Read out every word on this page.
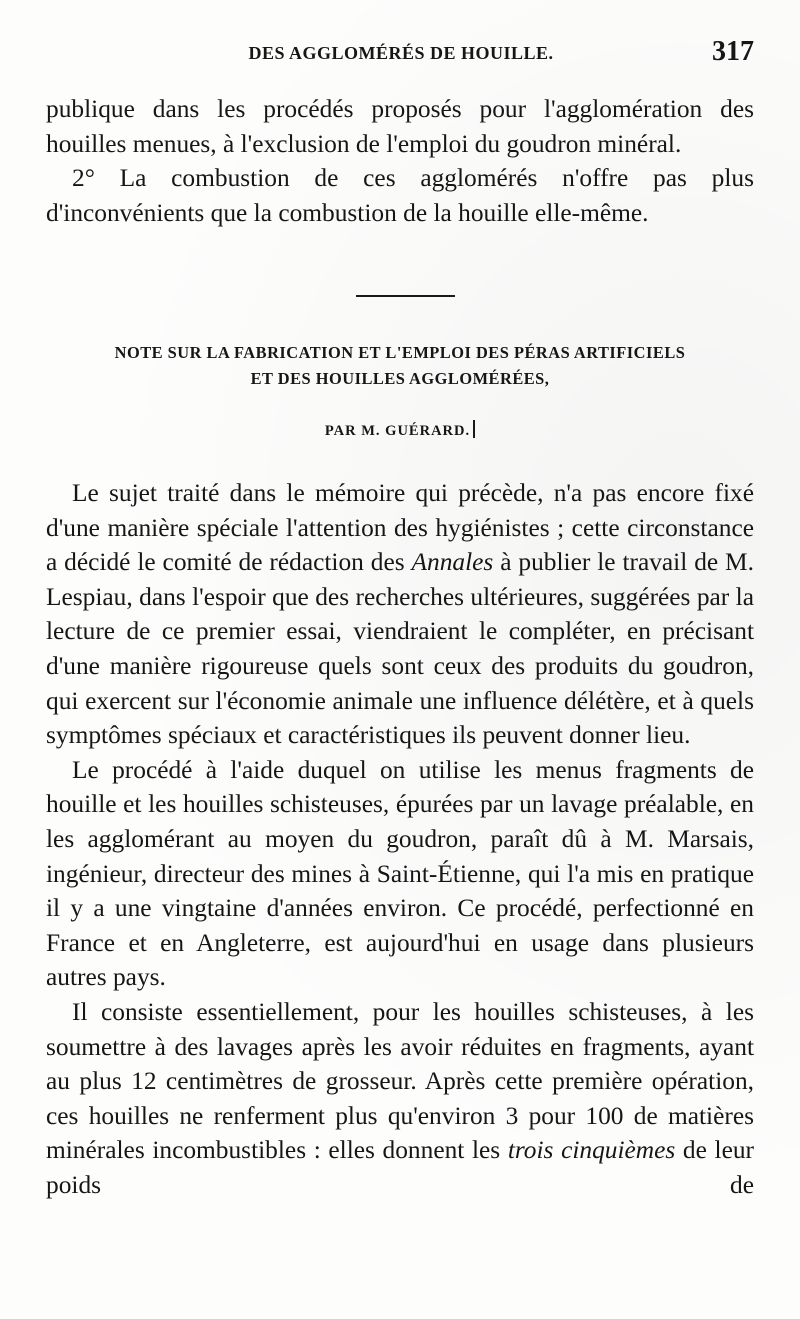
DES AGGLOMÉRÉS DE HOUILLE.	317

publique dans les procédés proposés pour l'agglomération des houilles menues, à l'exclusion de l'emploi du goudron minéral.

2° La combustion de ces agglomérés n'offre pas plus d'inconvénients que la combustion de la houille elle-même.

NOTE SUR LA FABRICATION ET L'EMPLOI DES PÉRAS ARTIFICIELS
ET DES HOUILLES AGGLOMÉRÉES,
PAR M. GUÉRARD.

Le sujet traité dans le mémoire qui précède, n'a pas encore fixé d'une manière spéciale l'attention des hygiénistes ; cette circonstance a décidé le comité de rédaction des Annales à publier le travail de M. Lespiau, dans l'espoir que des recherches ultérieures, suggérées par la lecture de ce premier essai, viendraient le compléter, en précisant d'une manière rigoureuse quels sont ceux des produits du goudron, qui exercent sur l'économie animale une influence délétère, et à quels symptômes spéciaux et caractéristiques ils peuvent donner lieu.

Le procédé à l'aide duquel on utilise les menus fragments de houille et les houilles schisteuses, épurées par un lavage préalable, en les agglomérant au moyen du goudron, paraît dû à M. Marsais, ingénieur, directeur des mines à Saint-Étienne, qui l'a mis en pratique il y a une vingtaine d'années environ. Ce procédé, perfectionné en France et en Angleterre, est aujourd'hui en usage dans plusieurs autres pays.

Il consiste essentiellement, pour les houilles schisteuses, à les soumettre à des lavages après les avoir réduites en fragments, ayant au plus 12 centimètres de grosseur. Après cette première opération, ces houilles ne renferment plus qu'environ 3 pour 100 de matières minérales incombustibles : elles donnent les trois cinquièmes de leur poids de
